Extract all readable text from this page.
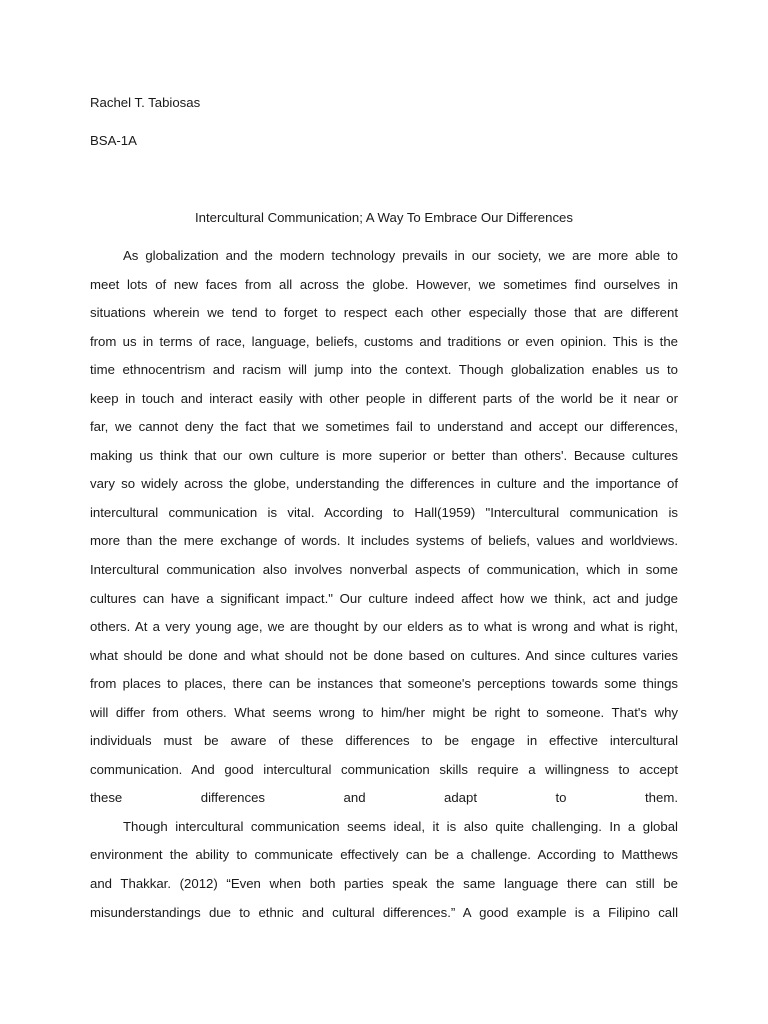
Rachel T. Tabiosas
BSA-1A
Intercultural Communication; A Way To Embrace Our Differences
As globalization and the modern technology prevails in our society, we are more able to
meet lots of new faces from all across the globe. However, we sometimes find ourselves in
situations wherein we tend to forget to respect each other especially those that are different
from us in terms of race, language, beliefs, customs and traditions or even opinion. This is the
time ethnocentrism and racism will jump into the context. Though globalization enables us to
keep in touch and interact easily with other people in different parts of the world be it near or
far, we cannot deny the fact that we sometimes fail to understand and accept our differences,
making us think that our own culture is more superior or better than others'. Because cultures
vary so widely across the globe, understanding the differences in culture and the importance of
intercultural communication is vital. According to Hall(1959) "Intercultural communication is
more than the mere exchange of words. It includes systems of beliefs, values and worldviews.
Intercultural communication also involves nonverbal aspects of communication, which in some
cultures can have a significant impact." Our culture indeed affect how we think, act and judge
others. At a very young age, we are thought by our elders as to what is wrong and what is right,
what should be done and what should not be done based on cultures. And since cultures varies
from places to places, there can be instances that someone's perceptions towards some things
will differ from others. What seems wrong to him/her might be right to someone. That's why
individuals must be aware of these differences to be engage in effective intercultural
communication. And good intercultural communication skills require a willingness to accept
these differences and adapt to them.
Though intercultural communication seems ideal, it is also quite challenging. In a global
environment the ability to communicate effectively can be a challenge. According to Matthews
and Thakkar. (2012) “Even when both parties speak the same language there can still be
misunderstandings due to ethnic and cultural differences.” A good example is a Filipino call
